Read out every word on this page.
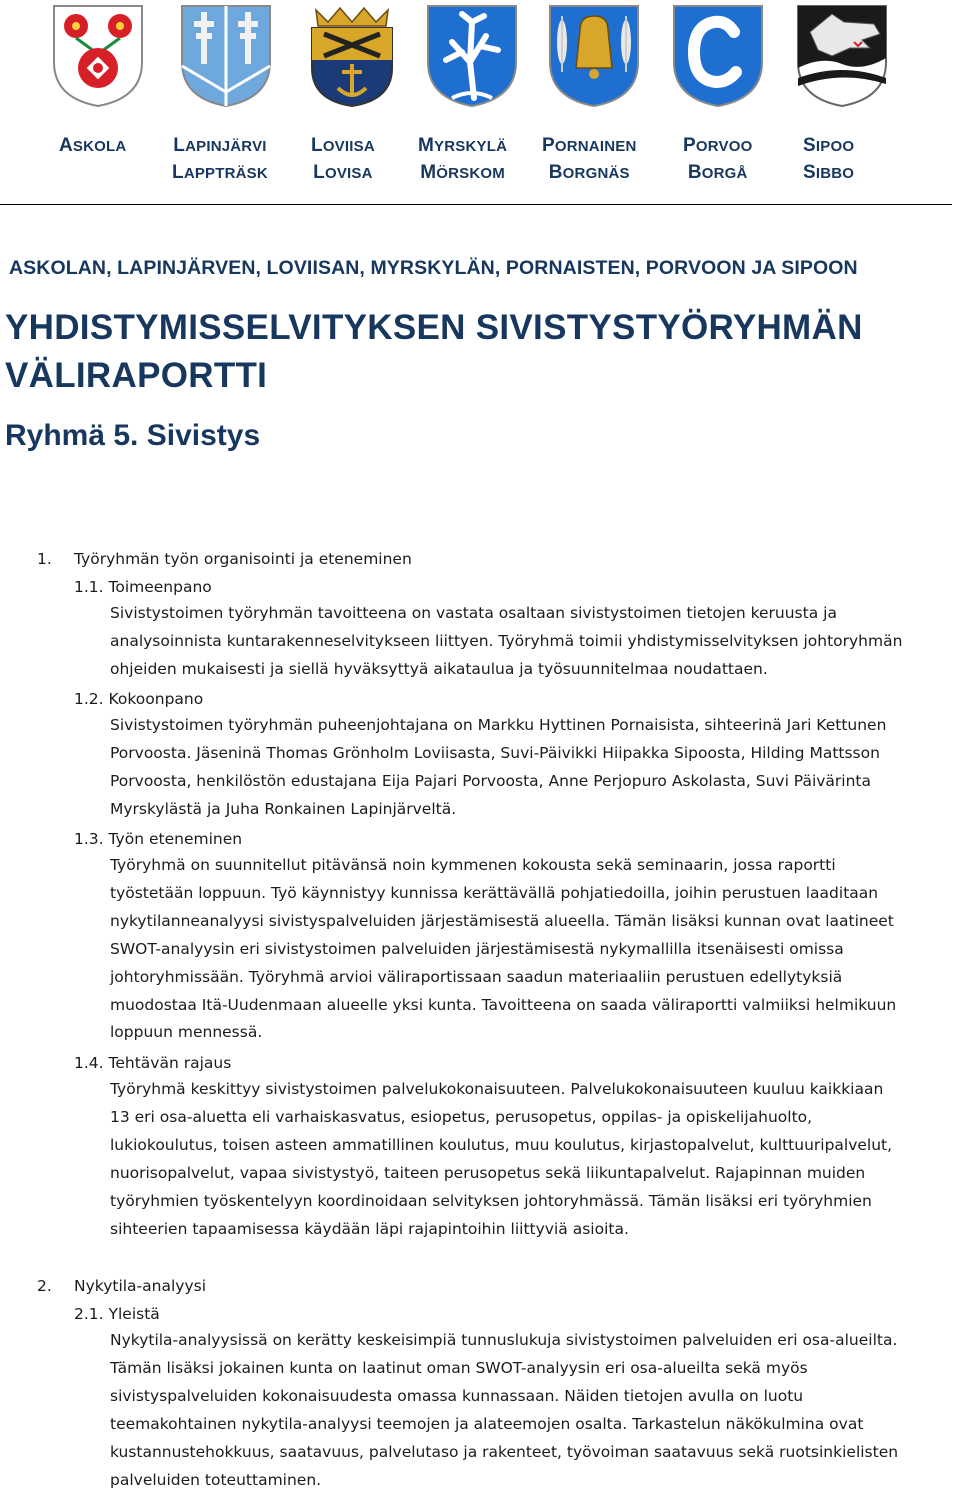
ASKOLA	LAPINJÄRVI
LAPPTRÄSK
LOVIISA
LOVISA
MYRSKYLÄ
MÖRSKOM
PORNAINEN
BORGNÄS
PORVOO
BORGÅ
SIPOO
SIBBO
ASKOLAN, LAPINJÄRVEN, LOVIISAN, MYRSKYLÄN, PORNAISTEN, PORVOON JA SIPOON
YHDISTYMISSELVITYKSEN SIVISTYSTYÖRYHMÄN VÄLIRAPORTTI
Ryhmä 5. Sivistys
1. Työryhmän työn organisointi ja eteneminen
1.1. Toimeenpano
Sivistystoimen työryhmän tavoitteena on vastata osaltaan sivistystoimen tietojen keruusta ja
analysoinnista kuntarakenneselvitykseen liittyen. Työryhmä toimii yhdistymisselvityksen johtoryhmän
ohjeiden mukaisesti ja siellä hyväksyttyä aikataulua ja työsuunnitelmaa noudattaen.
1.2. Kokoonpano
Sivistystoimen työryhmän puheenjohtajana on Markku Hyttinen Pornaisista, sihteerinä Jari Kettunen
Porvoosta. Jäseninä Thomas Grönholm Loviisasta, Suvi-Päivikki Hiipakka Sipoosta, Hilding Mattsson
Porvoosta, henkilöstön edustajana Eija Pajari Porvoosta, Anne Perjopuro Askolasta, Suvi Päivärinta
Myrskylästä ja Juha Ronkainen Lapinjärveltä.
1.3. Työn eteneminen
Työryhmä on suunnitellut pitävänsä noin kymmenen kokousta sekä seminaarin, jossa raportti
työstetään loppuun. Työ käynnistyy kunnissa kerättävällä pohjatiedoilla, joihin perustuen laaditaan
nykytilanneanalyysi sivistyspalveluiden järjestämisestä alueella. Tämän lisäksi kunnan ovat laatineet
SWOT-analyysin eri sivistystoimen palveluiden järjestämisestä nykymallilla itsenäisesti omissa
johtoryhmissään. Työryhmä arvioi väliraportissaan saadun materiaaliin perustuen edellytyksiä
muodostaa Itä-Uudenmaan alueelle yksi kunta. Tavoitteena on saada väliraportti valmiiksi helmikuun
loppuun mennessä.
1.4. Tehtävän rajaus
Työryhmä keskittyy sivistystoimen palvelukokonaisuuteen. Palvelukokonaisuuteen kuuluu kaikkiaan
13 eri osa-aluetta eli varhaiskasvatus, esiopetus, perusopetus, oppilas- ja opiskelijahuolto,
lukiokoulutus, toisen asteen ammatillinen koulutus, muu koulutus, kirjastopalvelut, kulttuuripalvelut,
nuorisopalvelut, vapaa sivistystyö, taiteen perusopetus sekä liikuntapalvelut. Rajapinnan muiden
työryhmien työskentelyyn koordinoidaan selvityksen johtoryhmässä. Tämän lisäksi eri työryhmien
sihteerien tapaamisessa käydään läpi rajapintoihin liittyviä asioita.
2. Nykytila-analyysi
2.1. Yleistä
Nykytila-analyysissä on kerätty keskeisimpiä tunnuslukuja sivistystoimen palveluiden eri osa-alueilta.
Tämän lisäksi jokainen kunta on laatinut oman SWOT-analyysin eri osa-alueilta sekä myös
sivistyspalveluiden kokonaisuudesta omassa kunnassaan. Näiden tietojen avulla on luotu
teemakohtainen nykytila-analyysi teemojen ja alateemojen osalta. Tarkastelun näkökulmina ovat
kustannustehokkuus, saatavuus, palvelutaso ja rakenteet, työvoiman saatavuus sekä ruotsinkielisten
palveluiden toteuttaminen.
